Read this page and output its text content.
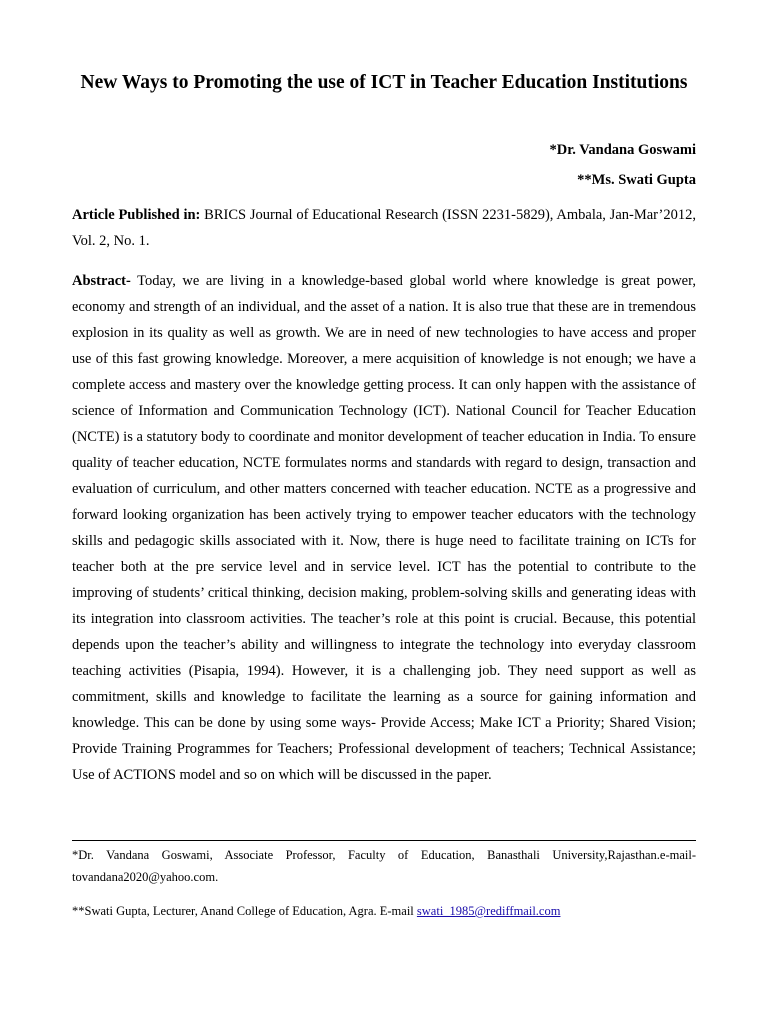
New Ways to Promoting the use of ICT in Teacher Education Institutions
*Dr. Vandana Goswami
**Ms. Swati Gupta
Article Published in: BRICS Journal of Educational Research (ISSN 2231-5829), Ambala, Jan-Mar’2012, Vol. 2, No. 1.
Abstract- Today, we are living in a knowledge-based global world where knowledge is great power, economy and strength of an individual, and the asset of a nation. It is also true that these are in tremendous explosion in its quality as well as growth. We are in need of new technologies to have access and proper use of this fast growing knowledge. Moreover, a mere acquisition of knowledge is not enough; we have a complete access and mastery over the knowledge getting process. It can only happen with the assistance of science of Information and Communication Technology (ICT). National Council for Teacher Education (NCTE) is a statutory body to coordinate and monitor development of teacher education in India. To ensure quality of teacher education, NCTE formulates norms and standards with regard to design, transaction and evaluation of curriculum, and other matters concerned with teacher education. NCTE as a progressive and forward looking organization has been actively trying to empower teacher educators with the technology skills and pedagogic skills associated with it. Now, there is huge need to facilitate training on ICTs for teacher both at the pre service level and in service level. ICT has the potential to contribute to the improving of students’ critical thinking, decision making, problem-solving skills and generating ideas with its integration into classroom activities. The teacher’s role at this point is crucial. Because, this potential depends upon the teacher’s ability and willingness to integrate the technology into everyday classroom teaching activities (Pisapia, 1994). However, it is a challenging job. They need support as well as commitment, skills and knowledge to facilitate the learning as a source for gaining information and knowledge. This can be done by using some ways- Provide Access; Make ICT a Priority; Shared Vision; Provide Training Programmes for Teachers; Professional development of teachers; Technical Assistance; Use of ACTIONS model and so on which will be discussed in the paper.
*Dr. Vandana Goswami, Associate Professor, Faculty of Education, Banasthali University,Rajasthan.e-mail-tovandana2020@yahoo.com.
**Swati Gupta, Lecturer, Anand College of Education, Agra. E-mail swati_1985@rediffmail.com
